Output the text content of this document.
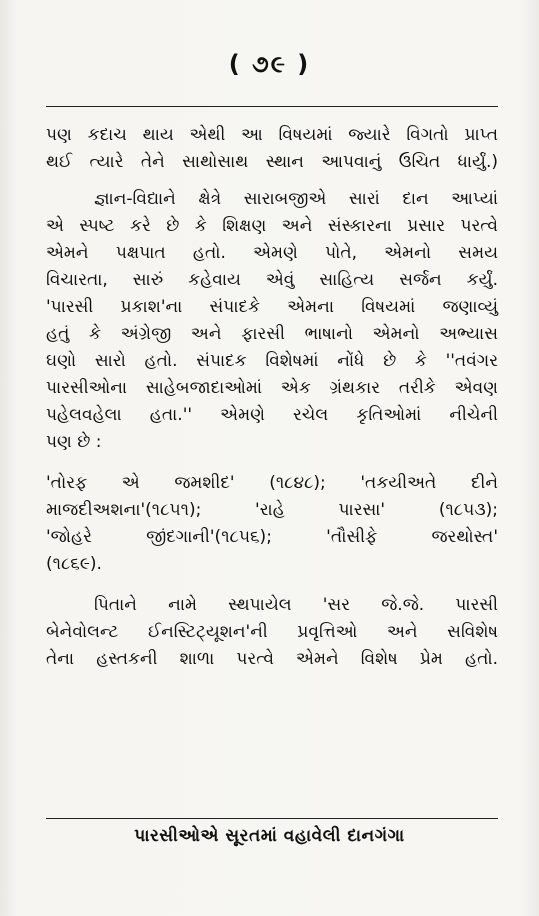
( ૭૯ )
પણ કદાચ થાય એથી આ વિષયમાં જ્યારે વિગતો પ્રાપ્ત
થઈ ત્યારે તેને સાથોસાથ સ્થાન આપવાનું ઉચિત ધાર્યું.)
જ્ઞાન-વિદ્યાને ક્ષેત્રે સારાબજીએ સારાં દાન આપ્યાં
એ સ્પષ્ટ કરે છે કે શિક્ષણ અને સંસ્કારના પ્રસાર પરત્વે
એમને પક્ષપાત હતો. એમણે પોતે, એમનો સમય
વિચારતા, સારું કહેવાય એવું સાહિત્ય સર્જન કર્યું.
'પારસી પ્રકાશ'ના સંપાદકે એમના વિષયમાં જણાવ્યું
હતું કે અંગ્રેજી અને ફારસી ભાષાનો એમનો અભ્યાસ
ઘણો સારો હતો. સંપાદક વિશેષમાં નોંધે છે કે ''તવંગર
પારસીઓના સાહેબજાદાઓમાં એક ગ્રંથકાર તરીકે એવણ
પહેલવહેલા હતા.'' એમણે રચેલ કૃતિઓમાં નીચેની
પણ છે :
'તોરફ એ જમશીદ' (૧૮૪૮); 'તકયીઅતે દીને
માજદીઅશના'(૧૮૫૧); 'રાહે પારસા' (૧૮૫૩);
'જોહરે જીંદગાની'(૧૮૫૬); 'તૌસીફે જરથોસ્ત'
(૧૮૬૯).
પિતાને નામે સ્થપાયેલ 'સર જે.જે. પારસી
બેનેવોલન્ટ ઈનસ્ટિટ્યૂશન'ની પ્રવૃત્તિઓ અને સવિશેષ
તેના હસ્તકની શાળા પરત્વે એમને વિશેષ પ્રેમ હતો.
પારસીઓએ સૂરતમાં વહાવેલી દાનગંગા
